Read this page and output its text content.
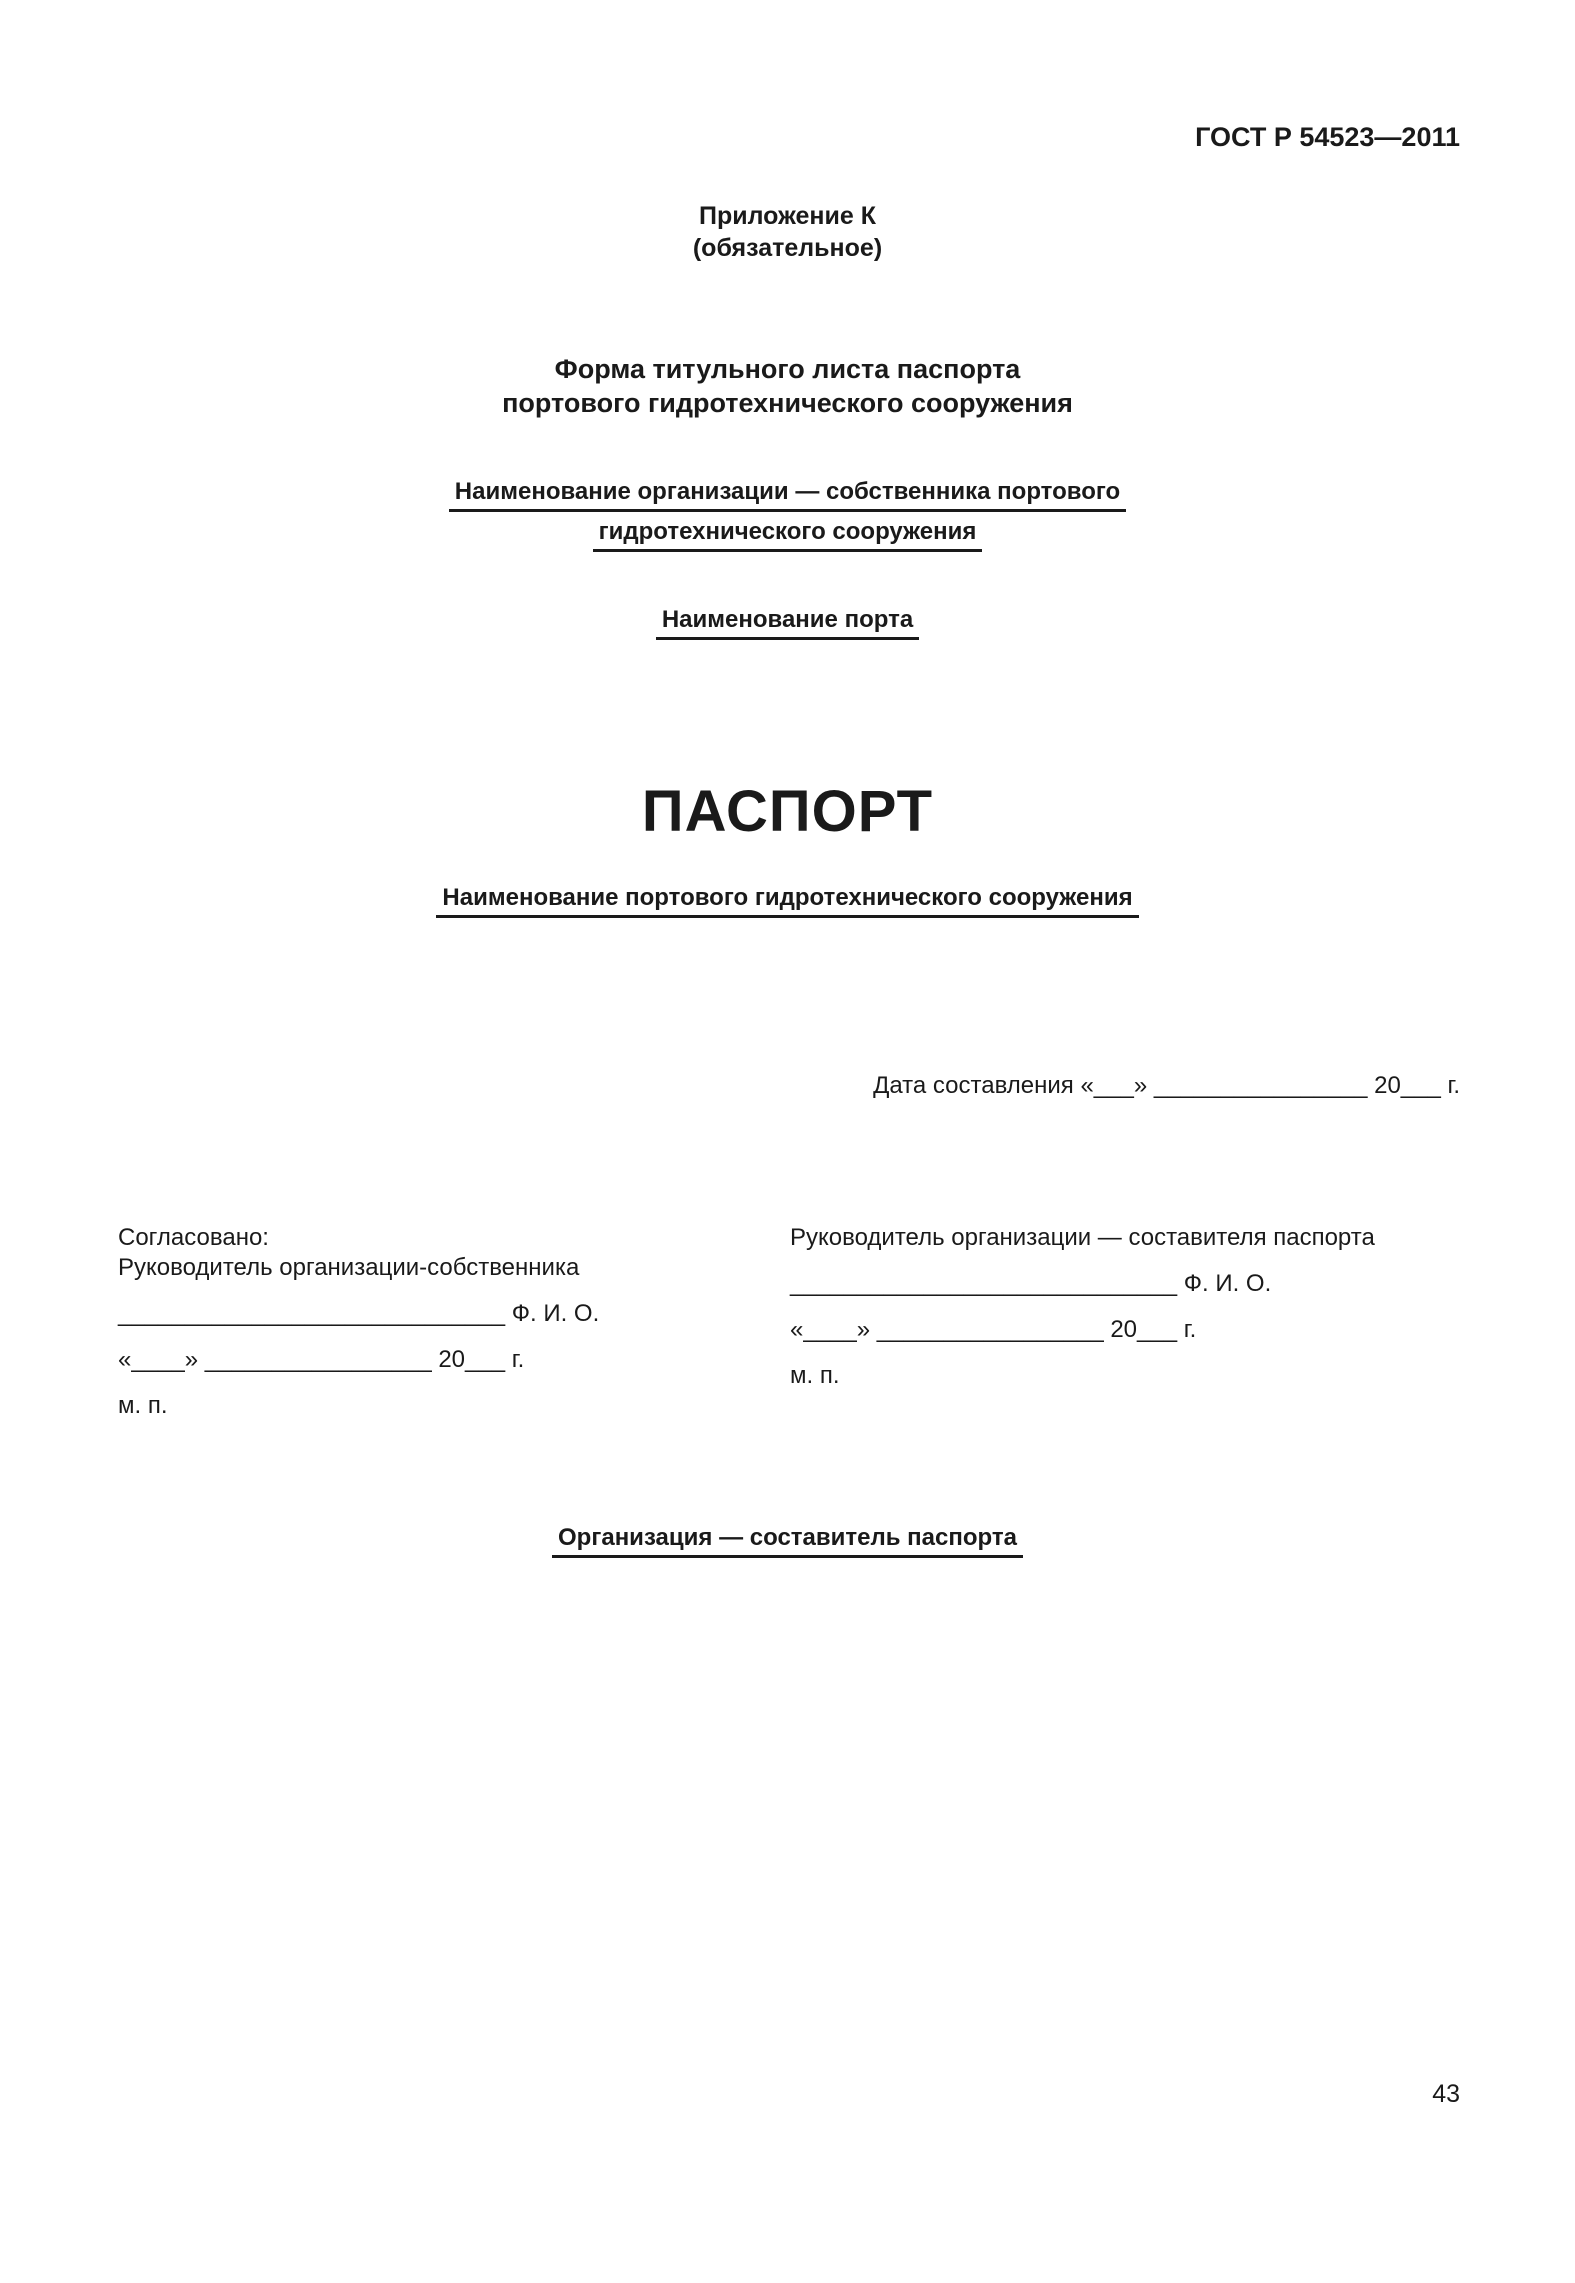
ГОСТ Р 54523—2011
Приложение К
(обязательное)
Форма титульного листа паспорта
портового гидротехнического сооружения
Наименование организации — собственника портового
гидротехнического сооружения
Наименование порта
ПАСПОРТ
Наименование портового гидротехнического сооружения
Дата составления «___» ________________ 20___ г.
Согласовано:
Руководитель организации-собственника
_____________________________ Ф. И. О.
«____» _________________ 20___ г.
м. п.
Руководитель организации — составителя паспорта
_____________________________ Ф. И. О.
«____» _________________ 20___ г.
м. п.
Организация — составитель паспорта
43
